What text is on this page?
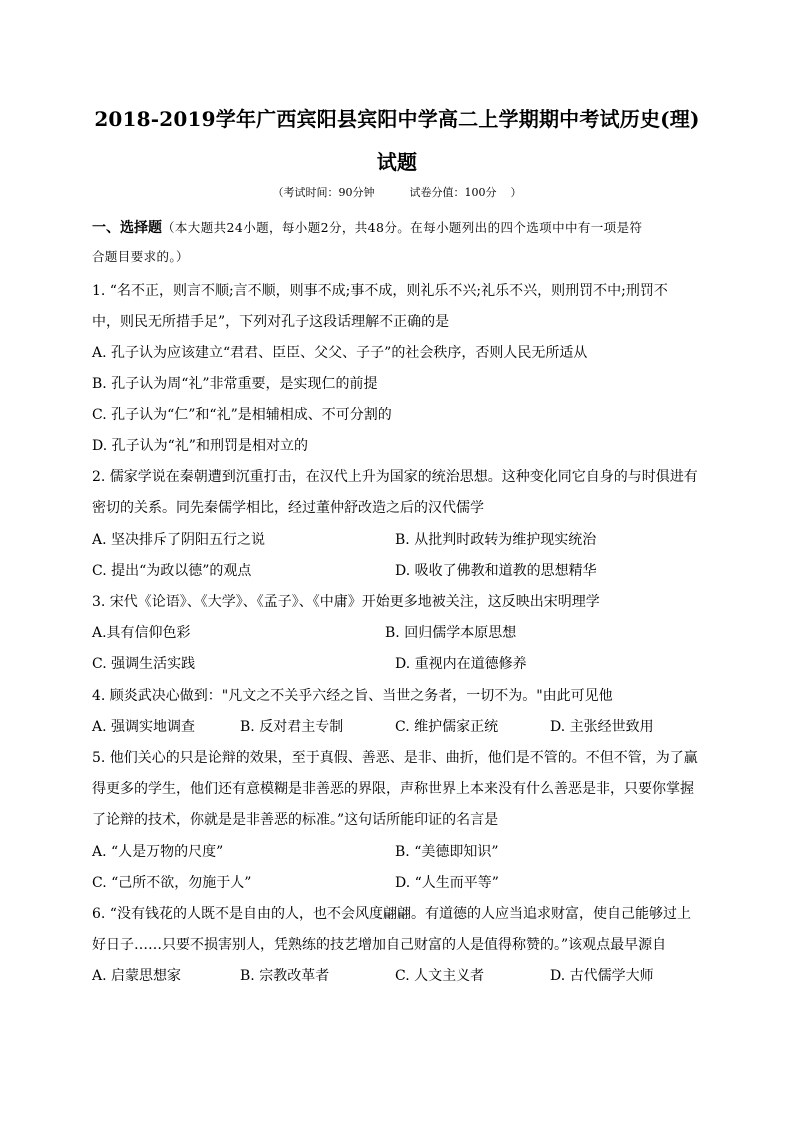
2018-2019学年广西宾阳县宾阳中学高二上学期期中考试历史(理)
试题
（考试时间：90分钟          试卷分值：100分    ）
一、选择题（本大题共24小题，每小题2分，共48分。在每小题列出的四个选项中中有一项是符
合题目要求的。）
1. “名不正，则言不顺;言不顺，则事不成;事不成，则礼乐不兴;礼乐不兴，则刑罚不中;刑罚不
中，则民无所措手足”，下列对孔子这段话理解不正确的是
A. 孔子认为应该建立“君君、臣臣、父父、子子”的社会秩序，否则人民无所适从
B. 孔子认为周“礼”非常重要，是实现仁的前提
C. 孔子认为“仁”和“礼”是相辅相成、不可分割的
D. 孔子认为“礼”和刑罚是相对立的
2. 儒家学说在秦朝遭到沉重打击，在汉代上升为国家的统治思想。这种变化同它自身的与时俱进有
密切的关系。同先秦儒学相比，经过董仲舒改造之后的汉代儒学
A. 坚决排斥了阴阳五行之说	B. 从批判时政转为维护现实统治
C. 提出“为政以德”的观点	D. 吸收了佛教和道教的思想精华
3. 宋代《论语》、《大学》、《孟子》、《中庸》开始更多地被关注，这反映出宋明理学
A.具有信仰色彩	B. 回归儒学本原思想
C. 强调生活实践	D. 重视内在道德修养
4. 顾炎武决心做到："凡文之不关乎六经之旨、当世之务者，一切不为。"由此可见他
A. 强调实地调查	B. 反对君主专制	C. 维护儒家正统	D. 主张经世致用
5. 他们关心的只是论辩的效果，至于真假、善恶、是非、曲折，他们是不管的。不但不管，为了赢
得更多的学生，他们还有意模糊是非善恶的界限，声称世界上本来没有什么善恶是非，只要你掌握
了论辩的技术，你就是是非善恶的标准。”这句话所能印证的名言是
A. “人是万物的尺度”	B. “美德即知识”
C. “己所不欲，勿施于人”	D. “人生而平等”
6. “没有钱花的人既不是自由的人，也不会风度翩翩。有道德的人应当追求财富，使自己能够过上
好日子……只要不损害别人，凭熟练的技艺增加自己财富的人是值得称赞的。”该观点最早源自
A. 启蒙思想家	B. 宗教改革者	C. 人文主义者	D. 古代儒学大师
